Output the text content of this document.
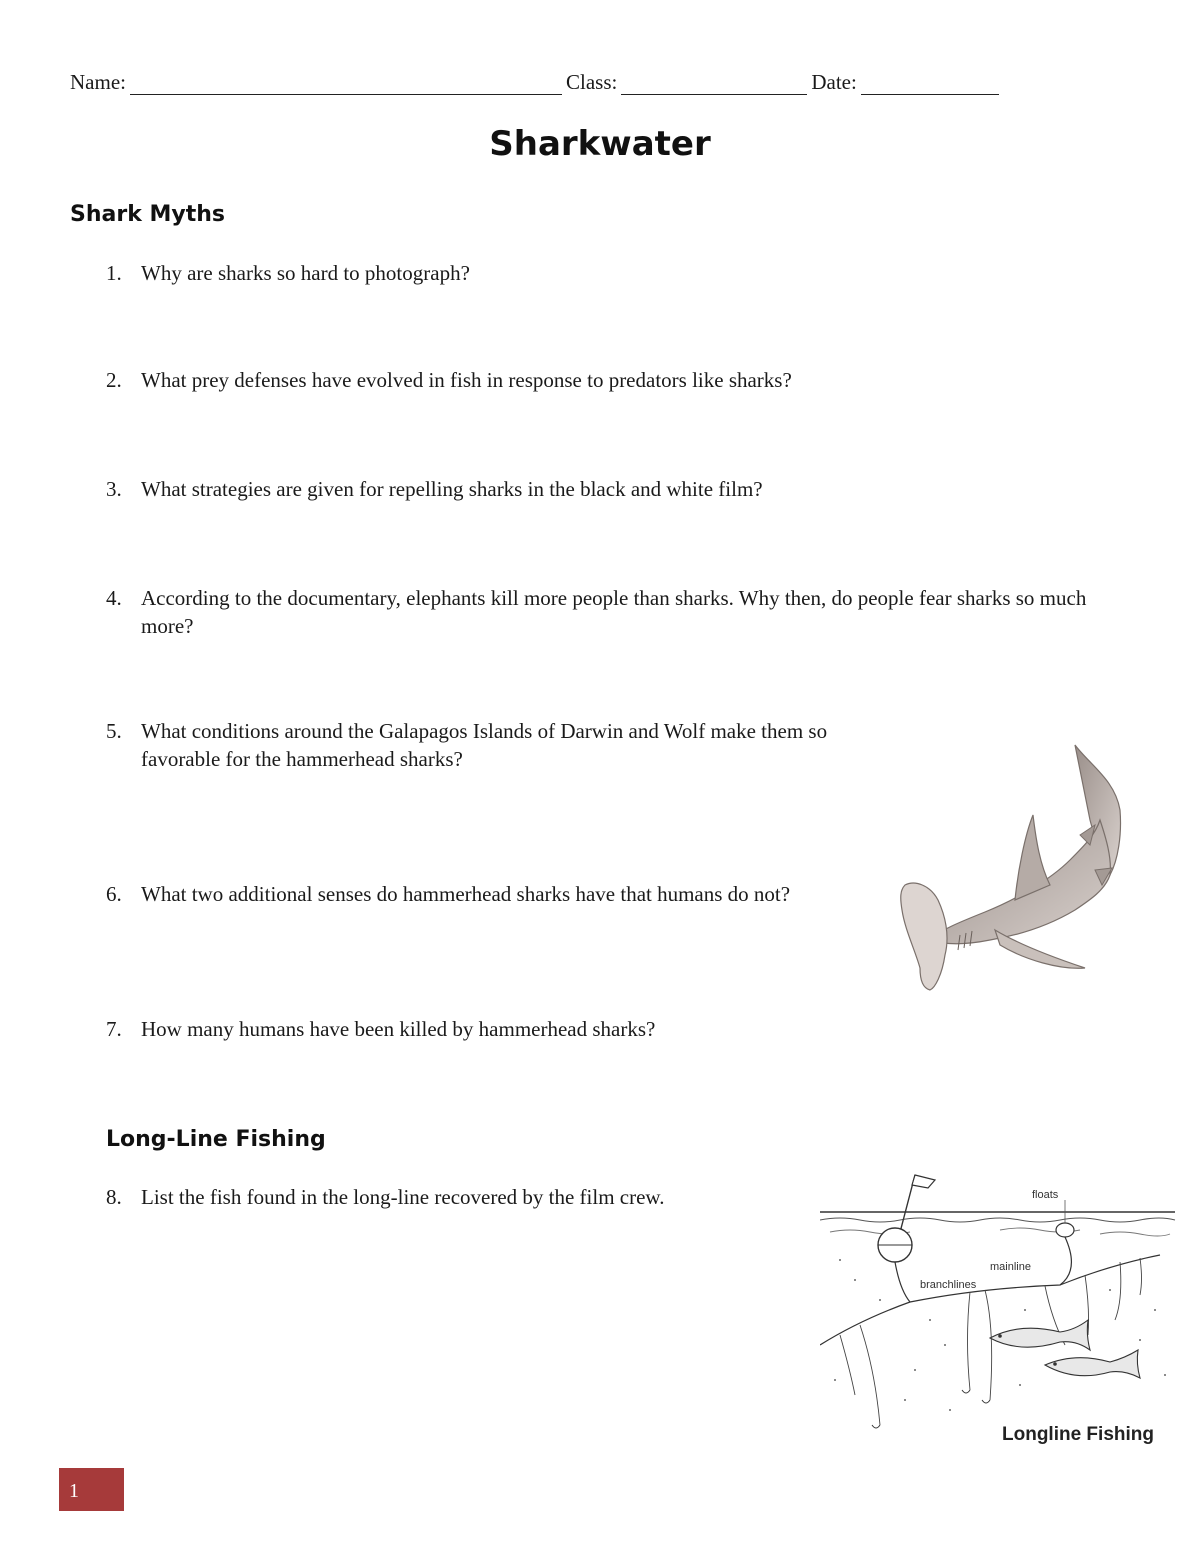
Name:	Class:	Date:
Sharkwater
Shark Myths
1. Why are sharks so hard to photograph?
2. What prey defenses have evolved in fish in response to predators like sharks?
3. What strategies are given for repelling sharks in the black and white film?
4. According to the documentary, elephants kill more people than sharks. Why then, do people fear sharks so much more?
5. What conditions around the Galapagos Islands of Darwin and Wolf make them so favorable for the hammerhead sharks?
6. What two additional senses do hammerhead sharks have that humans do not?
7. How many humans have been killed by hammerhead sharks?
Long-Line Fishing
8. List the fish found in the long-line recovered by the film crew.	floats
mainline
branchlines
Longline Fishing
1
